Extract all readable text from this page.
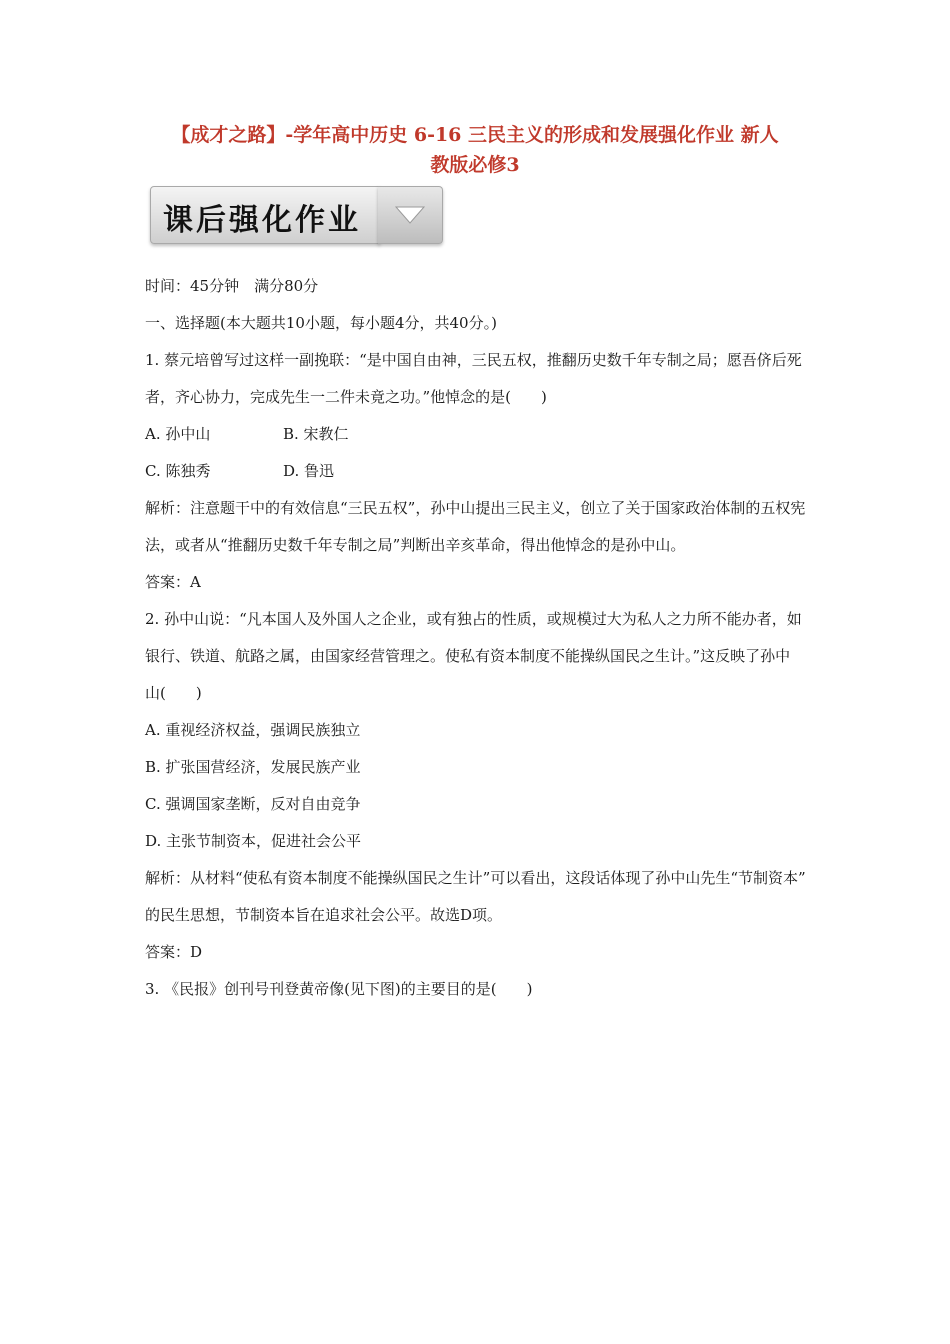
【成才之路】-学年高中历史 6-16 三民主义的形成和发展强化作业 新人
教版必修3
课后强化作业
时间：45分钟　满分80分
一、选择题(本大题共10小题，每小题4分，共40分。)
1. 蔡元培曾写过这样一副挽联：“是中国自由神，三民五权，推翻历史数千年专制之局；愿吾侪后死
者，齐心协力，完成先生一二件未竟之功。”他悼念的是(　　)
A. 孙中山	B. 宋教仁
C. 陈独秀	D. 鲁迅
解析：注意题干中的有效信息“三民五权”，孙中山提出三民主义，创立了关于国家政治体制的五权宪
法，或者从“推翻历史数千年专制之局”判断出辛亥革命，得出他悼念的是孙中山。
答案：A
2. 孙中山说：“凡本国人及外国人之企业，或有独占的性质，或规模过大为私人之力所不能办者，如
银行、铁道、航路之属，由国家经营管理之。使私有资本制度不能操纵国民之生计。”这反映了孙中
山(　　)
A. 重视经济权益，强调民族独立
B. 扩张国营经济，发展民族产业
C. 强调国家垄断，反对自由竞争
D. 主张节制资本，促进社会公平
解析：从材料“使私有资本制度不能操纵国民之生计”可以看出，这段话体现了孙中山先生“节制资本”
的民生思想，节制资本旨在追求社会公平。故选D项。
答案：D
3. 《民报》创刊号刊登黄帝像(见下图)的主要目的是(　　)
